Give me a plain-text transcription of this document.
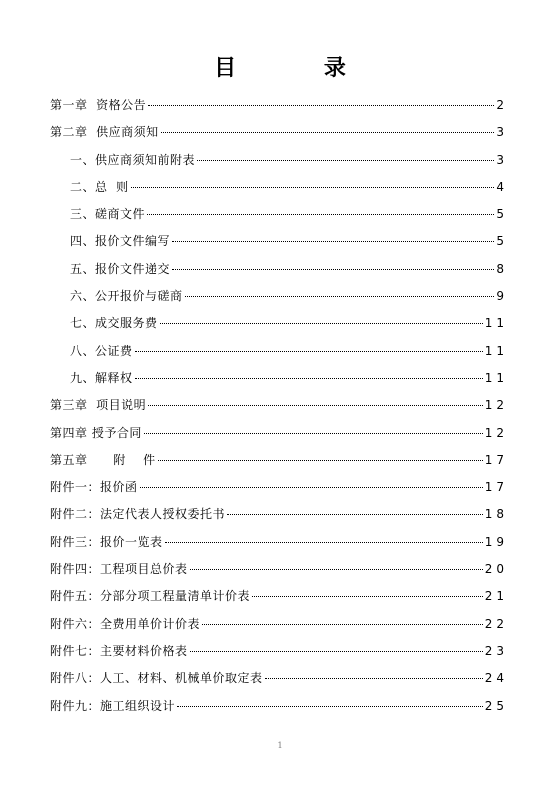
目 录
第一章  资格公告	2
第二章  供应商须知	3
一、供应商须知前附表	3
二、总  则	4
三、磋商文件	5
四、报价文件编写	5
五、报价文件递交	8
六、公开报价与磋商	9
七、成交服务费	11
八、公证费	11
九、解释权	11
第三章  项目说明	12
第四章 授予合同	12
第五章      附    件	17
附件一：报价函	17
附件二：法定代表人授权委托书	18
附件三：报价一览表	19
附件四：工程项目总价表	20
附件五：分部分项工程量清单计价表	21
附件六：全费用单价计价表	22
附件七：主要材料价格表	23
附件八：人工、材料、机械单价取定表	24
附件九：施工组织设计	25
1
